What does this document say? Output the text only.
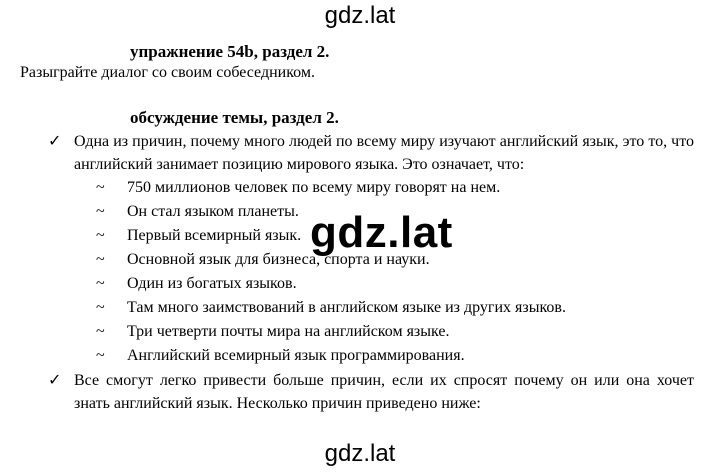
gdz.lat
упражнение 54b, раздел 2.
Разыграйте диалог со своим собеседником.
обсуждение темы, раздел 2.
✓ Одна из причин, почему много людей по всему миру изучают английский язык, это то, что английский занимает позицию мирового языка. Это означает, что:
~ 750 миллионов человек по всему миру говорят на нем.
~ Он стал языком планеты.
~ Первый всемирный язык.
~ Основной язык для бизнеса, спорта и науки.
~ Один из богатых языков.
~ Там много заимствований в английском языке из других языков.
~ Три четверти почты мира на английском языке.
~ Английский всемирный язык программирования.
✓ Все смогут легко привести больше причин, если их спросят почему он или она хочет знать английский язык. Несколько причин приведено ниже:
gdz.lat
gdz.lat
